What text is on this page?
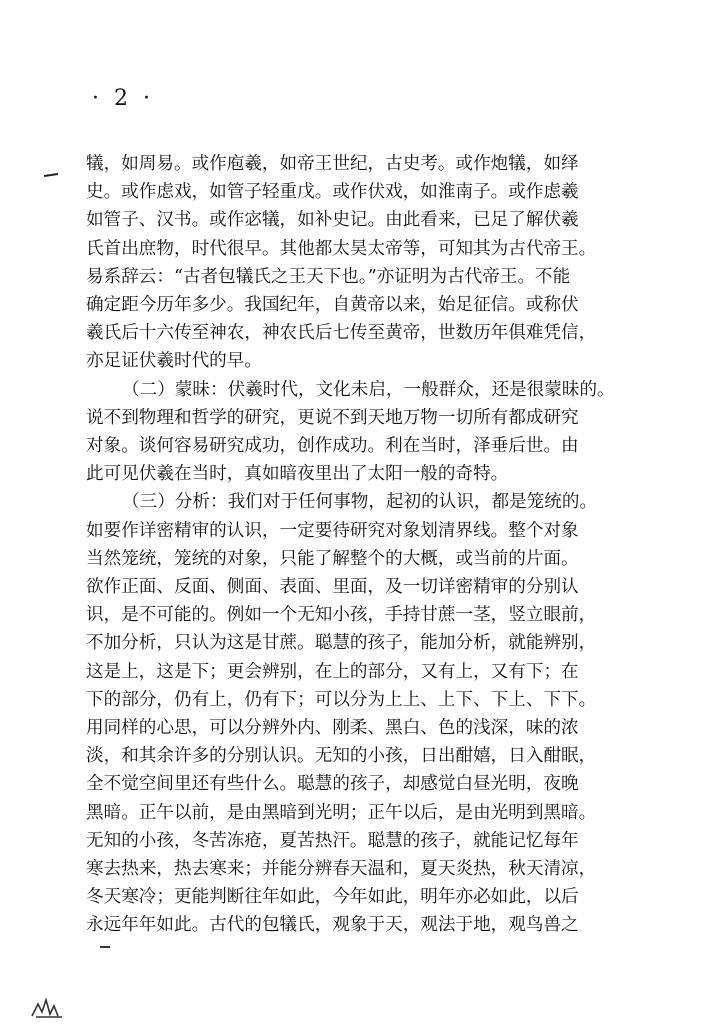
· 2 ·
犠，如周易。或作庖羲，如帝王世纪，古史考。或作炮犠，如绎
史。或作虑戏，如管子轻重戊。或作伏戏，如淮南子。或作虑羲
如管子、汉书。或作宓犠，如补史记。由此看来，已足了解伏羲
氏首出庶物，时代很早。其他都太昊太帝等，可知其为古代帝王。
易系辞云：“古者包犠氏之王天下也。”亦证明为古代帝王。不能
确定距今历年多少。我国纪年，自黄帝以来，始足征信。或称伏
羲氏后十六传至神农，神农氏后七传至黄帝，世数历年俱难凭信，
亦足证伏羲时代的早。
（二）蒙昧：伏羲时代，文化未启，一般群众，还是很蒙昧的。
说不到物理和哲学的研究，更说不到天地万物一切所有都成研究
对象。谈何容易研究成功，创作成功。利在当时，泽垂后世。由
此可见伏羲在当时，真如暗夜里出了太阳一般的奇特。
（三）分析：我们对于任何事物，起初的认识，都是笼统的。
如要作详密精审的认识，一定要待研究对象划清界线。整个对象
当然笼统，笼统的对象，只能了解整个的大概，或当前的片面。
欲作正面、反面、侧面、表面、里面，及一切详密精审的分别认
识，是不可能的。例如一个无知小孩，手持甘蔗一茎，竖立眼前，
不加分析，只认为这是甘蔗。聪慧的孩子，能加分析，就能辨别，
这是上，这是下；更会辨别，在上的部分，又有上，又有下；在
下的部分，仍有上，仍有下；可以分为上上、上下、下上、下下。
用同样的心思，可以分辨外内、刚柔、黑白、色的浅深，味的浓
淡，和其余许多的分别认识。无知的小孩，日出酣嬉，日入酣眠，
全不觉空间里还有些什么。聪慧的孩子，却感觉白昼光明，夜晚
黑暗。正午以前，是由黑暗到光明；正午以后，是由光明到黑暗。
无知的小孩，冬苦冻疮，夏苦热汗。聪慧的孩子，就能记忆每年
寒去热来，热去寒来；并能分辨春天温和，夏天炎热，秋天清凉，
冬天寒冷；更能判断往年如此，今年如此，明年亦必如此，以后
永远年年如此。古代的包犠氏，观象于天，观法于地，观鸟兽之
